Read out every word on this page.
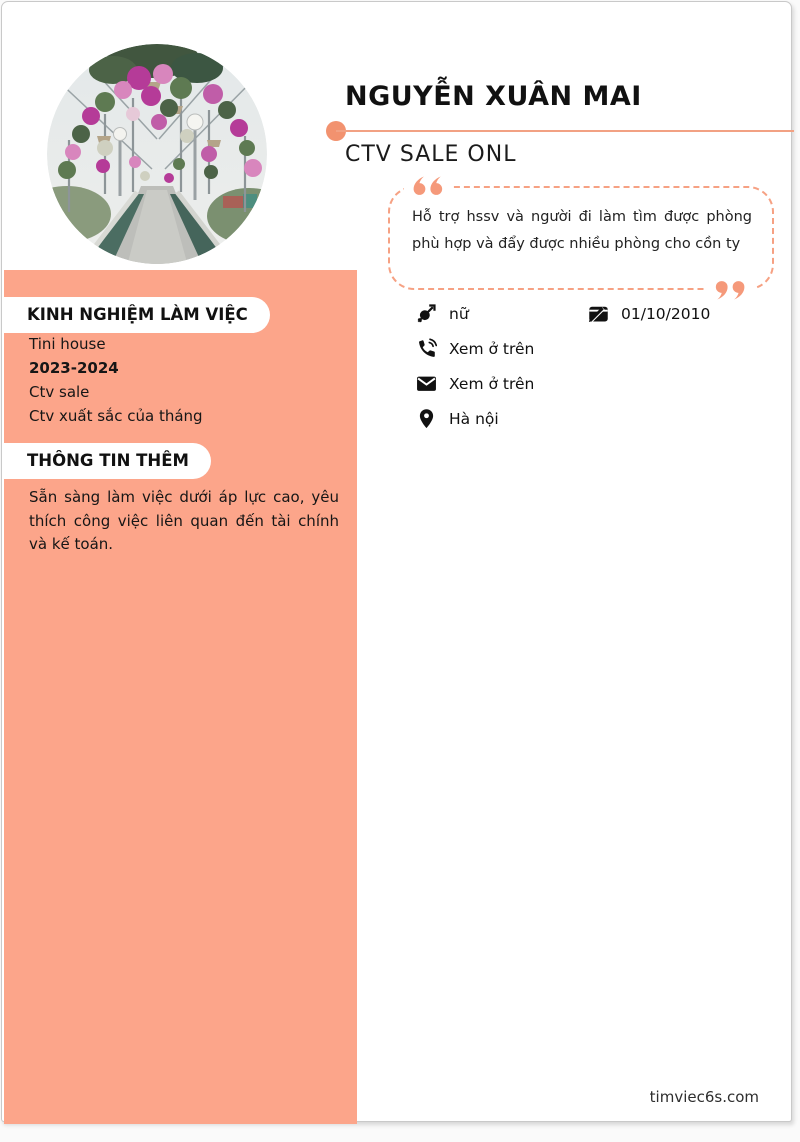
NGUYỄN XUÂN MAI
CTV SALE ONL

Hỗ trợ hssv và người đi làm tìm được phòng phù hợp và đẩy được nhiều phòng cho cồn ty

nữ	01/10/2010
Xem ở trên
Xem ở trên
Hà nội
KINH NGHIỆM LÀM VIỆC
Tini house
2023-2024
Ctv sale
Ctv xuất sắc của tháng
THÔNG TIN THÊM

Sẵn sàng làm việc dưới áp lực cao, yêu thích công việc liên quan đến tài chính và kế toán.

timviec6s.com
